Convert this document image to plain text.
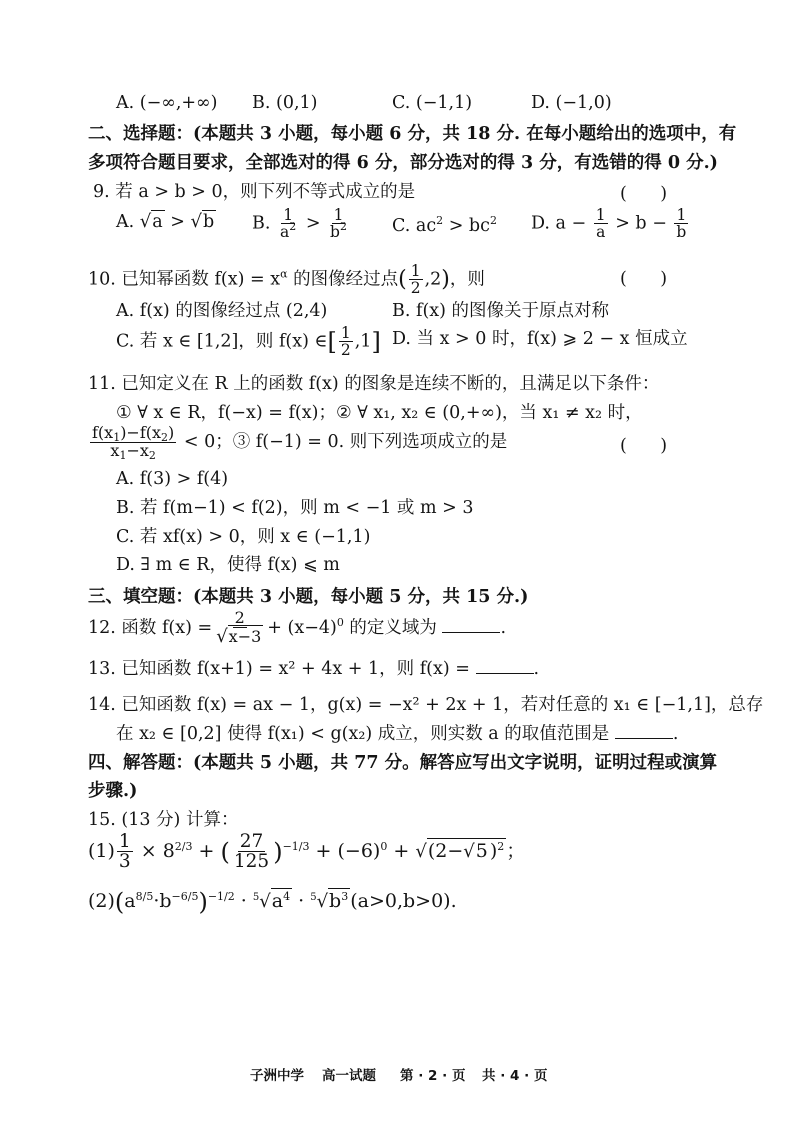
A. (−∞,+∞) B. (0,1)	C. (−1,1)	D. (−1,0)
二、选择题：(本题共 3 小题，每小题 6 分，共 18 分. 在每小题给出的选项中，有
多项符合题目要求，全部选对的得 6 分，部分选对的得 3 分，有选错的得 0 分.)
9. 若 a > b > 0，则下列不等式成立的是	(      )
A. √a > √b B. $\frac{1}{a^2} > \frac{1}{b^2} C$. $ac^2 > bc^2$ D. $a - \frac{1}{a} > b - \frac{1}{b}$
10. 已知幂函数 $f(x) = x^\alpha$ 的图像经过点( $\frac{1}{2} ,2$)，则	(      )
A. f(x) 的图像经过点 (2,4)	B. f(x) 的图像关于原点对称
C. 若 x ∈ [1,2]，则 f(x) ∈[ $\frac{1}{2} ,1$] D. 当 x > 0 时，f(x) ⩾ 2 − x 恒成立
11. 已知定义在 R 上的函数 f(x) 的图象是连续不断的，且满足以下条件：
① ∀ x ∈ R，f(−x) = f(x)；② ∀ x₁, x₂ ∈ (0,+∞)，当 x₁ ≠ x₂ 时，
$\frac{f(x_1)-f(x_2)}{x_1-x_2} < 0$；③ f(−1) = 0. 则下列选项成立的是	(      )
A. f(3) > f(4)
B. 若 f(m−1) < f(2)，则 m < −1 或 m > 3
C. 若 xf(x) > 0，则 x ∈ (−1,1)
D. ∃ m ∈ R，使得 f(x) ⩽ m
三、填空题：(本题共 3 小题，每小题 5 分，共 15 分.)
12. 函数 $f(x) = \frac{2}{√x-3} + (x-4)^0$ 的定义域为	.
13. 已知函数 f(x+1) = x² + 4x + 1，则 f(x) =	.
14. 已知函数 f(x) = ax − 1，g(x) = −x² + 2x + 1，若对任意的 x₁ ∈ [−1,1]，总存
在 x₂ ∈ [0,2] 使得 f(x₁) < g(x₂) 成立，则实数 a 的取值范围是	.
四、解答题：(本题共 5 小题，共 77 分。解答应写出文字说明，证明过程或演算
步骤.)
15. (13 分) 计算：
$(1) \frac{1}{3} \times 8^{2/3}$ + ( $\frac{27}{125} )^{-1/3} + (-6)^0 + √(2-√5$ )$^2$ ；
$(2)(a^{8/5}\cdot b^{-6/5})^{-1/2} \cdot ^5√a^4 \cdot ^5√b^3$ (a>0,b>0).
子洲中学 高一试题 第 · 2 · 页 共 · 4 · 页
